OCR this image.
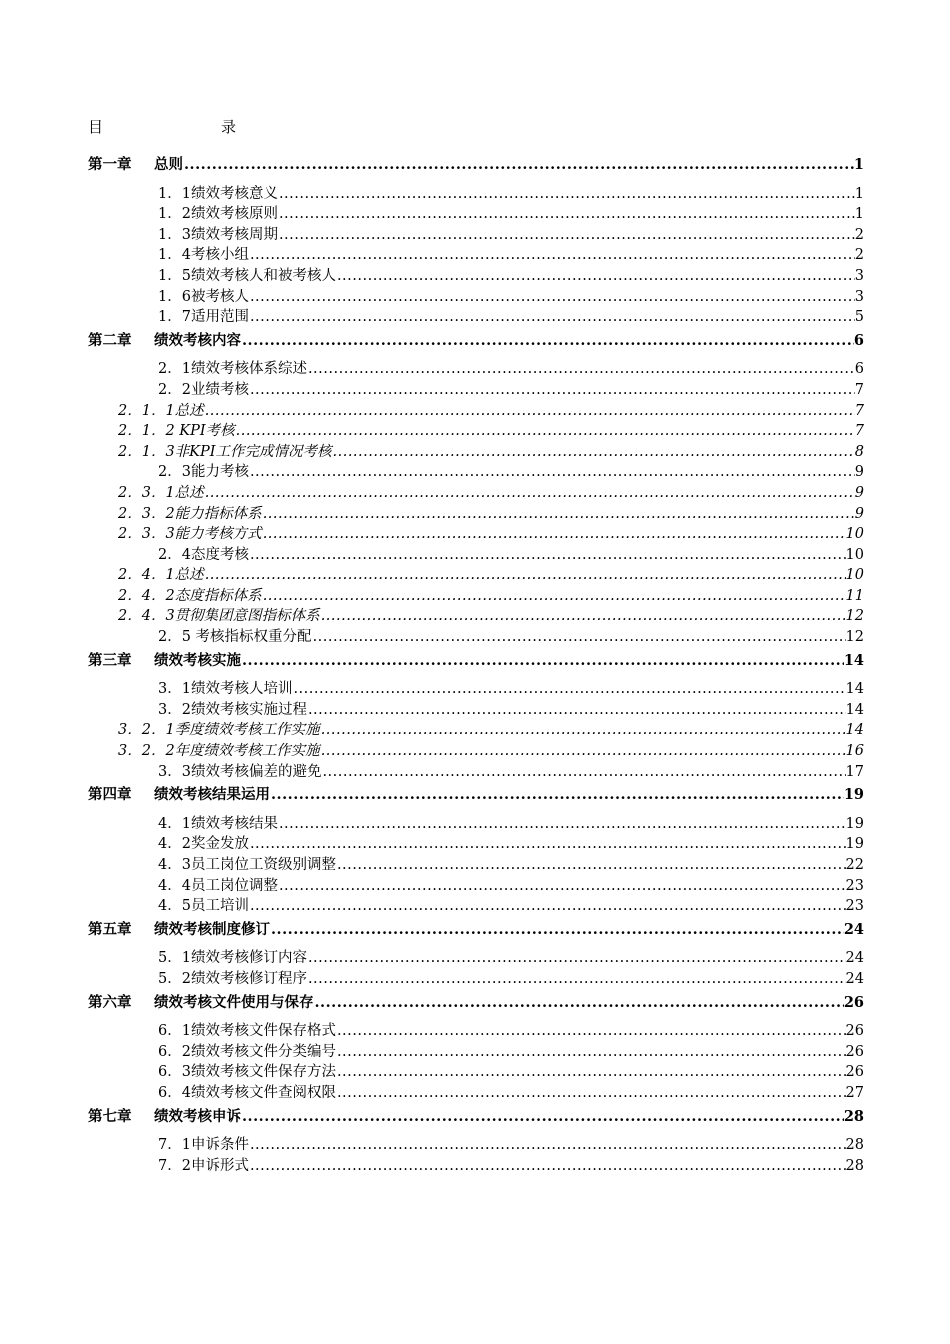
目	录
第一章 总则 .....	1
1．1绩效考核意义 .....	1
1．2绩效考核原则 .....	1
1．3绩效考核周期 .....	2
1．4考核小组 .....	2
1．5绩效考核人和被考核人 .....	3
1．6被考核人 .....	3
1．7适用范围 .....	5
第二章 绩效考核内容 .....	6
2．1绩效考核体系综述 .....	6
2．2业绩考核 .....	7
2．1．1总述 .....	7
2．1．2 KPI考核 .....	7
2．1．3非KPI工作完成情况考核 .....	8
2．3能力考核 .....	9
2．3．1总述 .....	9
2．3．2能力指标体系 .....	9
2．3．3能力考核方式 .....	10
2．4态度考核 .....	10
2．4．1总述 .....	10
2．4．2态度指标体系 .....	11
2．4．3贯彻集团意图指标体系 .....	12
2．5 考核指标权重分配 .....	12
第三章 绩效考核实施 .....	14
3．1绩效考核人培训 .....	14
3．2绩效考核实施过程 .....	14
3．2．1季度绩效考核工作实施 .....	14
3．2．2年度绩效考核工作实施 .....	16
3．3绩效考核偏差的避免 .....	17
第四章 绩效考核结果运用 .....	19
4．1绩效考核结果 .....	19
4．2奖金发放 .....	19
4．3员工岗位工资级别调整 .....	22
4．4员工岗位调整 .....	23
4．5员工培训 .....	23
第五章 绩效考核制度修订 .....	24
5．1绩效考核修订内容 .....	24
5．2绩效考核修订程序 .....	24
第六章 绩效考核文件使用与保存 .....	26
6．1绩效考核文件保存格式 .....	26
6．2绩效考核文件分类编号 .....	26
6．3绩效考核文件保存方法 .....	26
6．4绩效考核文件查阅权限 .....	27
第七章 绩效考核申诉 .....	28
7．1申诉条件 .....	28
7．2申诉形式 .....	28
